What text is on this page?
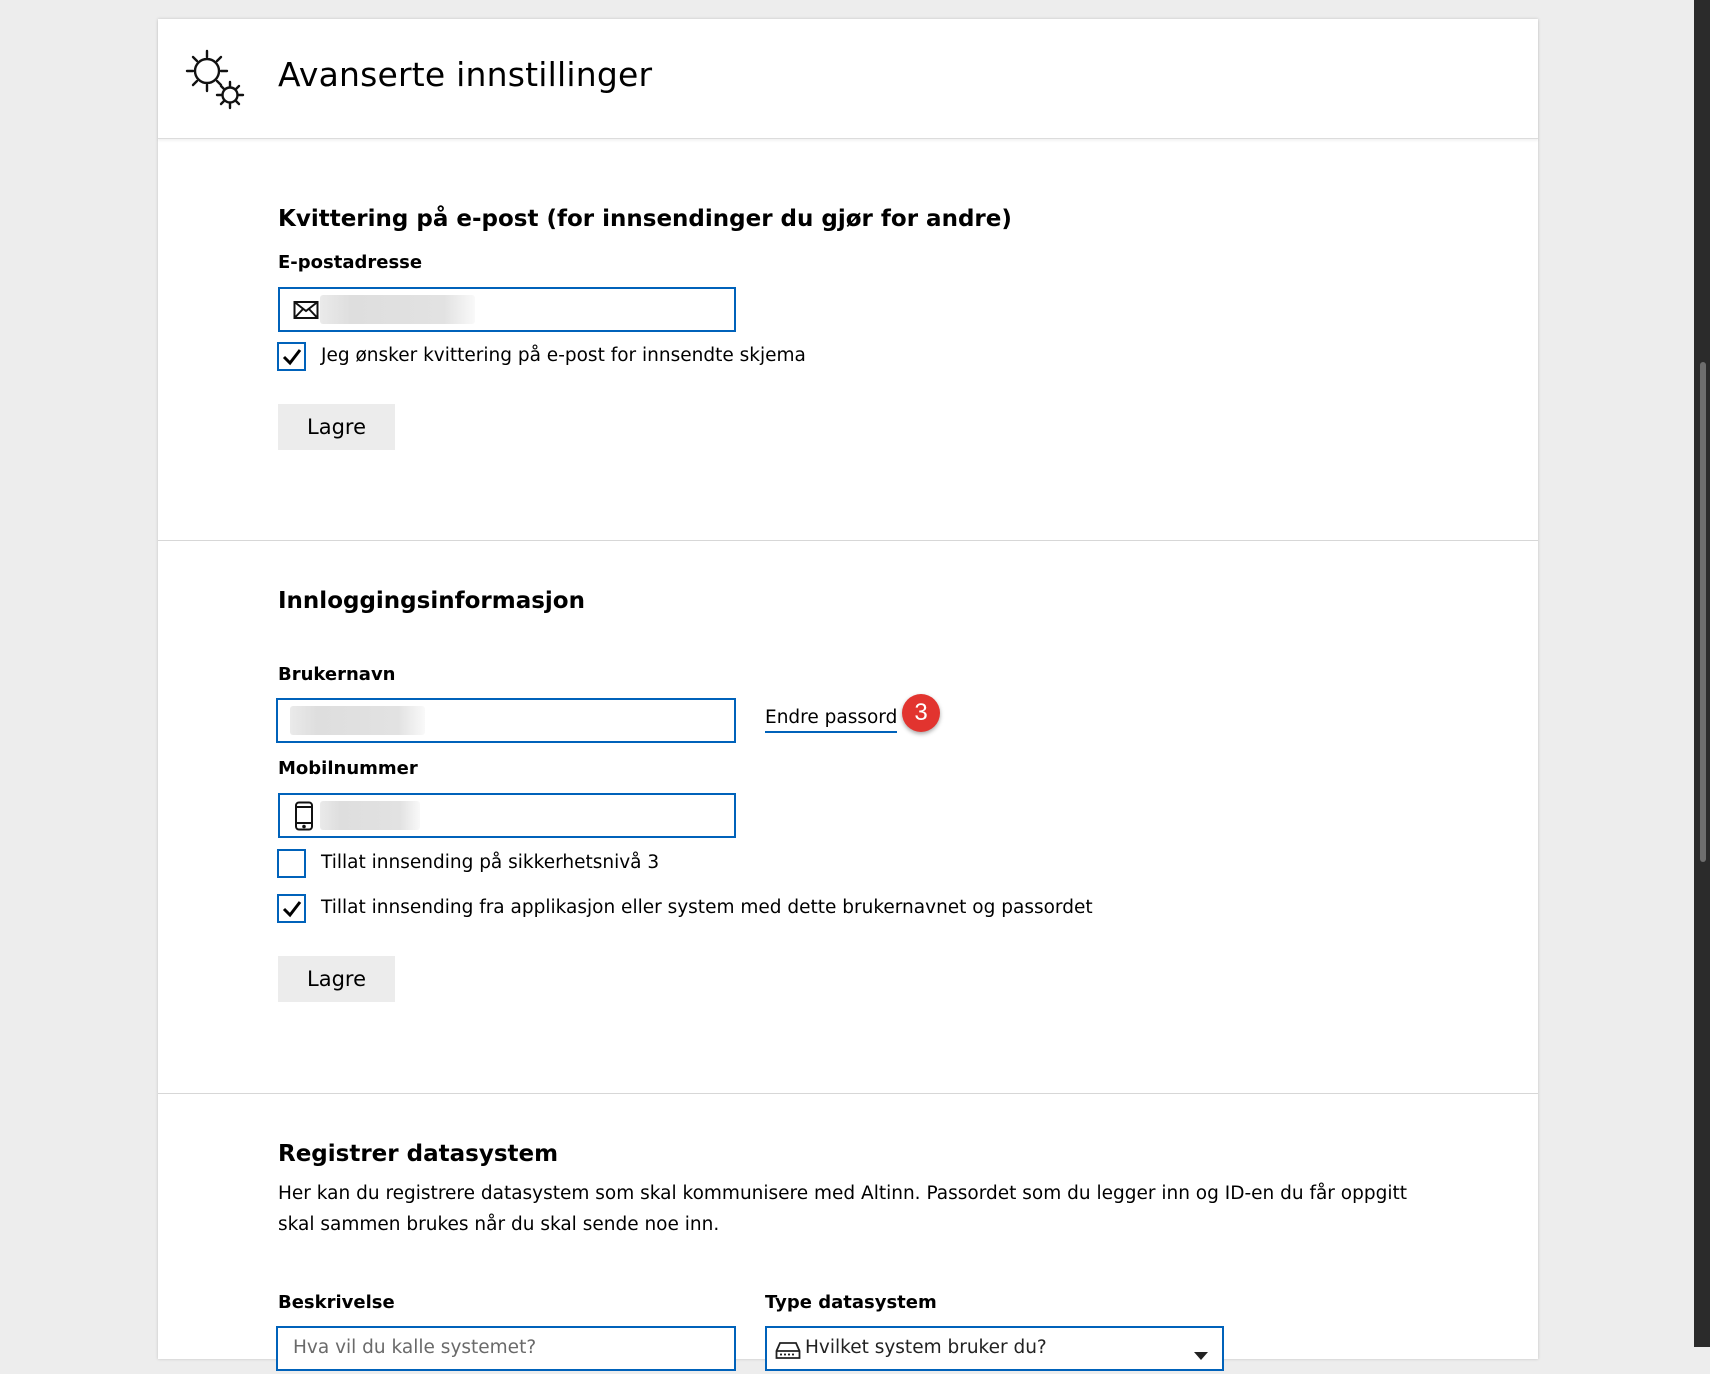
Avanserte innstillinger
Kvittering på e-post (for innsendinger du gjør for andre)
E-postadresse
Jeg ønsker kvittering på e-post for innsendte skjema
Lagre
Innloggingsinformasjon
Brukernavn
Endre passord 3
Mobilnummer
Tillat innsending på sikkerhetsnivå 3
Tillat innsending fra applikasjon eller system med dette brukernavnet og passordet
Lagre
Registrer datasystem
Her kan du registrere datasystem som skal kommunisere med Altinn. Passordet som du legger inn og ID-en du får oppgitt skal sammen brukes når du skal sende noe inn.
Beskrivelse
Hva vil du kalle systemet?
Type datasystem
Hvilket system bruker du?
